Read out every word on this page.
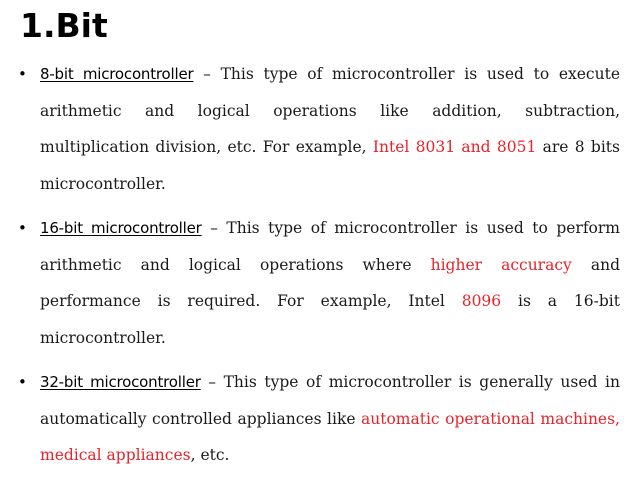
1.Bit
• 8-bit microcontroller – This type of microcontroller is used to execute arithmetic and logical operations like addition, subtraction, multiplication division, etc. For example, Intel 8031 and 8051 are 8 bits microcontroller.
• 16-bit microcontroller – This type of microcontroller is used to perform arithmetic and logical operations where higher accuracy and performance is required. For example, Intel 8096 is a 16-bit microcontroller.
• 32-bit microcontroller – This type of microcontroller is generally used in automatically controlled appliances like automatic operational machines, medical appliances, etc.
